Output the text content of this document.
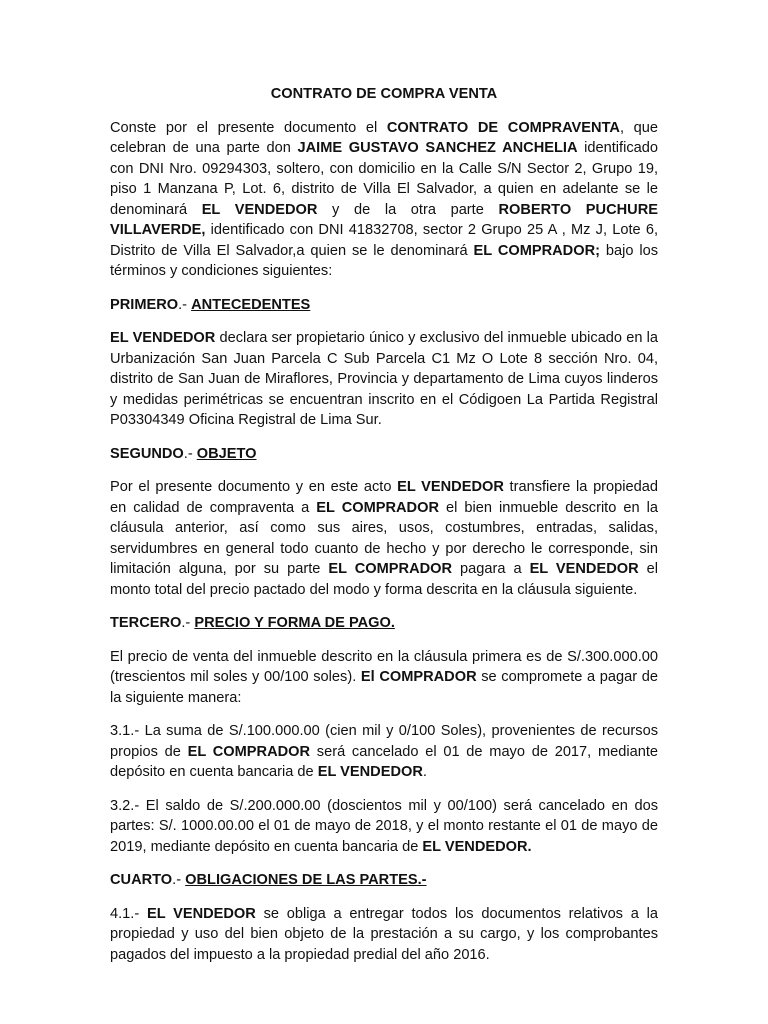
CONTRATO DE COMPRA VENTA

Conste por el presente documento el CONTRATO DE COMPRAVENTA, que celebran de una parte don JAIME GUSTAVO SANCHEZ ANCHELIA identificado con DNI Nro. 09294303, soltero, con domicilio en la Calle S/N Sector 2, Grupo 19, piso 1 Manzana P, Lot. 6, distrito de Villa El Salvador, a quien en adelante se le denominará EL VENDEDOR y de la otra parte ROBERTO PUCHURE VILLAVERDE, identificado con DNI 41832708, sector 2 Grupo 25 A , Mz J, Lote 6, Distrito de Villa El Salvador,a quien se le denominará EL COMPRADOR; bajo los términos y condiciones siguientes:

PRIMERO.- ANTECEDENTES

EL VENDEDOR declara ser propietario único y exclusivo del inmueble ubicado en la Urbanización San Juan Parcela C Sub Parcela C1 Mz O Lote 8 sección Nro. 04, distrito de San Juan de Miraflores, Provincia y departamento de Lima cuyos linderos y medidas perimétricas se encuentran inscrito en el Códigoen La Partida Registral P03304349 Oficina Registral de Lima Sur.

SEGUNDO.- OBJETO

Por el presente documento y en este acto EL VENDEDOR transfiere la propiedad en calidad de compraventa a EL COMPRADOR el bien inmueble descrito en la cláusula anterior, así como sus aires, usos, costumbres, entradas, salidas, servidumbres en general todo cuanto de hecho y por derecho le corresponde, sin limitación alguna, por su parte EL COMPRADOR pagara a EL VENDEDOR el monto total del precio pactado del modo y forma descrita en la cláusula siguiente.

TERCERO.- PRECIO Y FORMA DE PAGO.

El precio de venta del inmueble descrito en la cláusula primera es de S/.300.000.00 (trescientos mil soles y 00/100 soles). El COMPRADOR se compromete a pagar de la siguiente manera:

3.1.- La suma de S/.100.000.00 (cien mil y 0/100 Soles), provenientes de recursos propios de EL COMPRADOR será cancelado el 01 de mayo de 2017, mediante depósito en cuenta bancaria de EL VENDEDOR.

3.2.- El saldo de S/.200.000.00 (doscientos mil y 00/100) será cancelado en dos partes: S/. 1000.00.00 el 01 de mayo de 2018, y el monto restante el 01 de mayo de 2019, mediante depósito en cuenta bancaria de EL VENDEDOR.

CUARTO.- OBLIGACIONES DE LAS PARTES.-

4.1.- EL VENDEDOR se obliga a entregar todos los documentos relativos a la propiedad y uso del bien objeto de la prestación a su cargo, y los comprobantes pagados del impuesto a la propiedad predial del año 2016.
